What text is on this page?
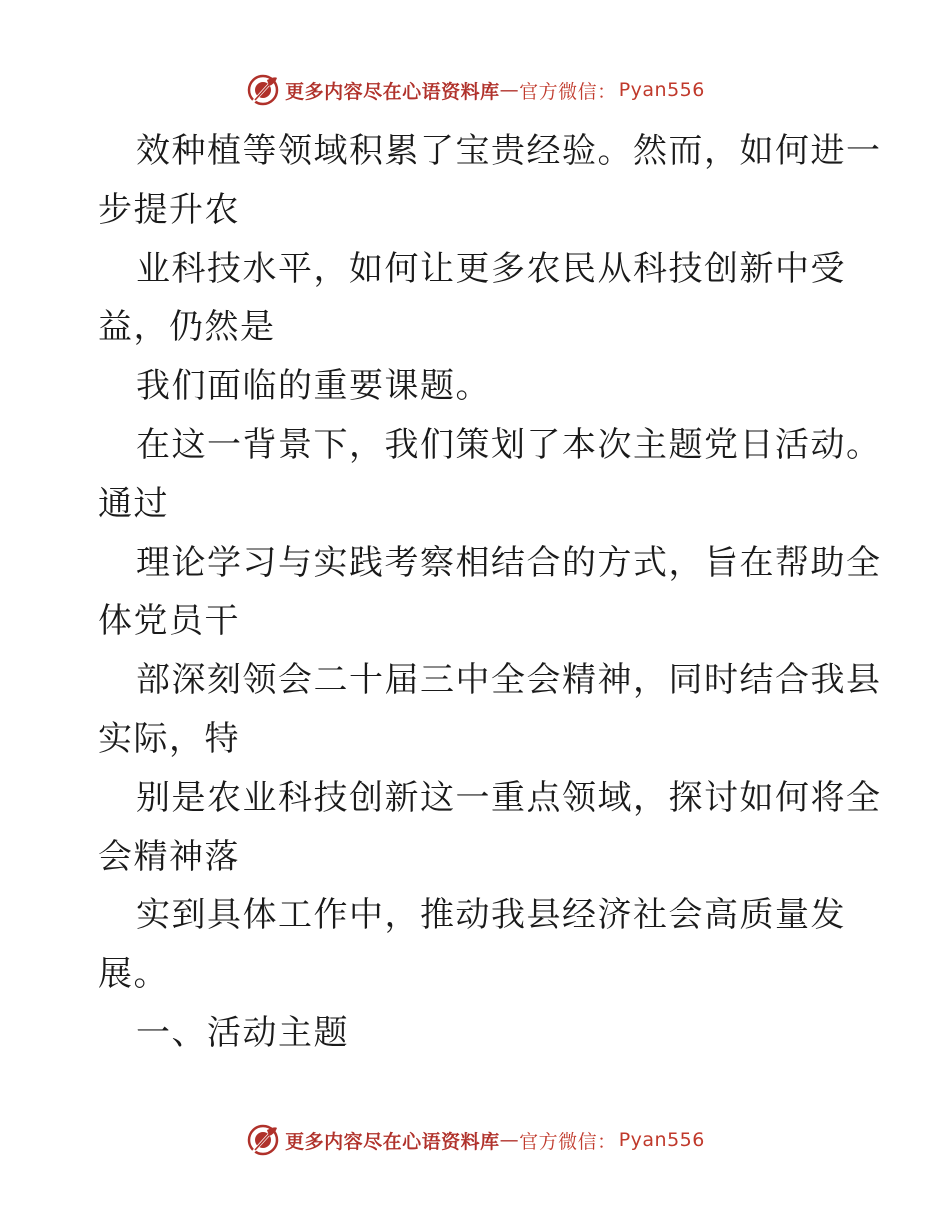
更多内容尽在心语资料库 — 官方微信： Pyan556
效种植等领域积累了宝贵经验。然而，如何进一
步提升农
业科技水平，如何让更多农民从科技创新中受
益，仍然是
我们面临的重要课题。
在这一背景下，我们策划了本次主题党日活动。
通过
理论学习与实践考察相结合的方式，旨在帮助全
体党员干
部深刻领会二十届三中全会精神，同时结合我县
实际，特
别是农业科技创新这一重点领域，探讨如何将全
会精神落
实到具体工作中，推动我县经济社会高质量发
展。
一、活动主题
更多内容尽在心语资料库 — 官方微信： Pyan556
